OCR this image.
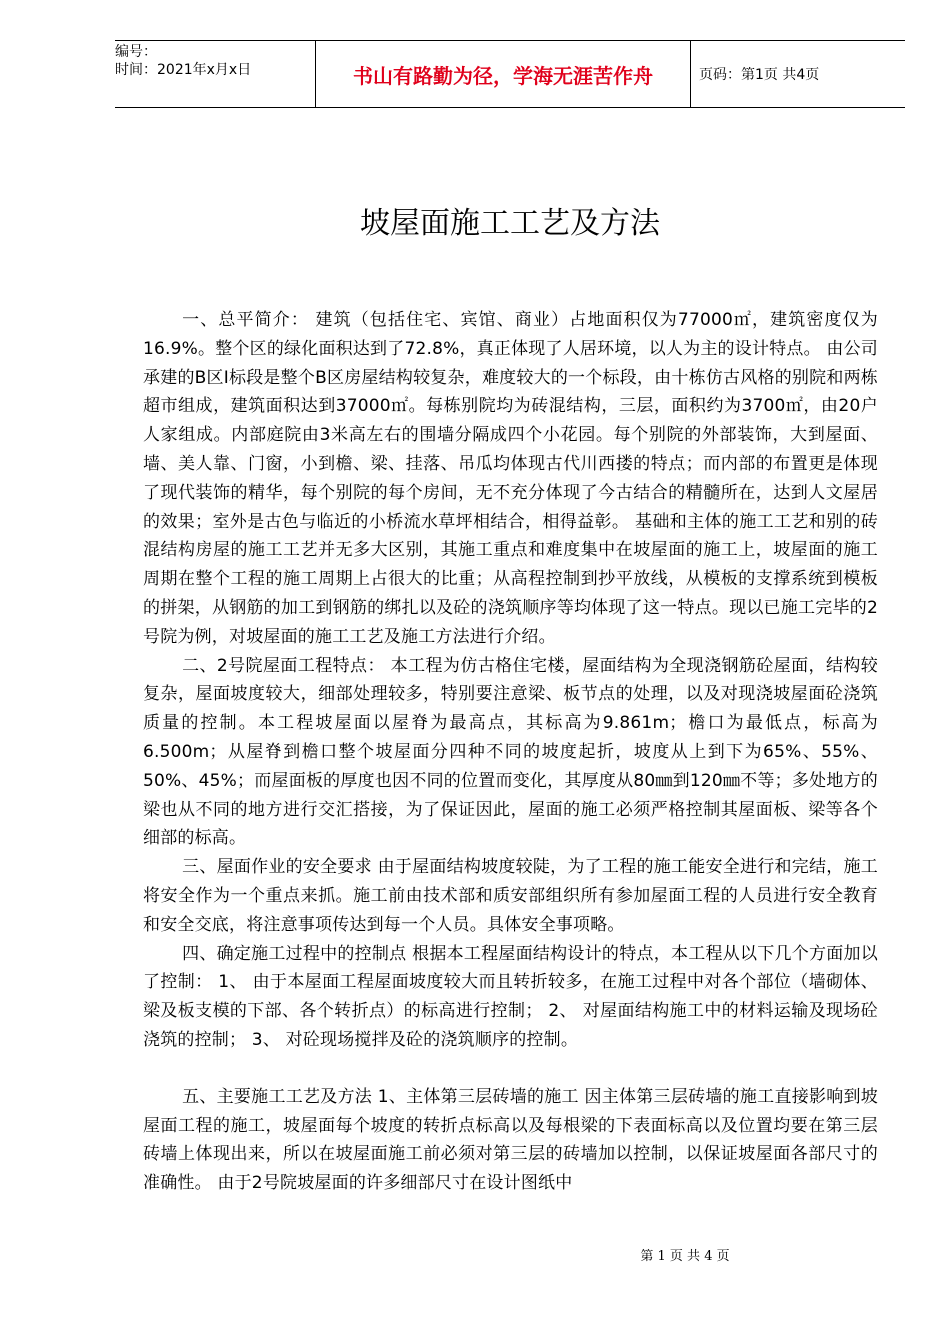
编号：
时间：2021年x月x日	书山有路勤为径，学海无涯苦作舟	页码：第1页 共4页
坡屋面施工工艺及方法

一、总平简介： 建筑（包括住宅、宾馆、商业）占地面积仅为77000㎡，建筑密度仅为16.9%。整个区的绿化面积达到了72.8%，真正体现了人居环境，以人为主的设计特点。 由公司承建的B区Ⅰ标段是整个B区房屋结构较复杂，难度较大的一个标段，由十栋仿古风格的别院和两栋超市组成，建筑面积达到37000㎡。每栋别院均为砖混结构，三层，面积约为3700㎡，由20户人家组成。内部庭院由3米高左右的围墙分隔成四个小花园。每个别院的外部装饰，大到屋面、墙、美人靠、门窗，小到檐、梁、挂落、吊瓜均体现古代川西搂的特点；而内部的布置更是体现了现代装饰的精华，每个别院的每个房间，无不充分体现了今古结合的精髓所在，达到人文屋居的效果；室外是古色与临近的小桥流水草坪相结合，相得益彰。 基础和主体的施工工艺和别的砖混结构房屋的施工工艺并无多大区别，其施工重点和难度集中在坡屋面的施工上，坡屋面的施工周期在整个工程的施工周期上占很大的比重；从高程控制到抄平放线，从模板的支撑系统到模板的拼架，从钢筋的加工到钢筋的绑扎以及砼的浇筑顺序等均体现了这一特点。现以已施工完毕的2号院为例，对坡屋面的施工工艺及施工方法进行介绍。

二、2号院屋面工程特点： 本工程为仿古格住宅楼，屋面结构为全现浇钢筋砼屋面，结构较复杂，屋面坡度较大，细部处理较多，特别要注意梁、板节点的处理，以及对现浇坡屋面砼浇筑质量的控制。本工程坡屋面以屋脊为最高点，其标高为9.861m；檐口为最低点，标高为6.500m；从屋脊到檐口整个坡屋面分四种不同的坡度起折，坡度从上到下为65%、55%、50%、45%；而屋面板的厚度也因不同的位置而变化，其厚度从80㎜到120㎜不等；多处地方的梁也从不同的地方进行交汇搭接，为了保证因此，屋面的施工必须严格控制其屋面板、梁等各个细部的标高。

三、屋面作业的安全要求 由于屋面结构坡度较陡，为了工程的施工能安全进行和完结，施工将安全作为一个重点来抓。施工前由技术部和质安部组织所有参加屋面工程的人员进行安全教育和安全交底，将注意事项传达到每一个人员。具体安全事项略。

四、确定施工过程中的控制点 根据本工程屋面结构设计的特点，本工程从以下几个方面加以了控制： 1、 由于本屋面工程屋面坡度较大而且转折较多，在施工过程中对各个部位（墙砌体、梁及板支模的下部、各个转折点）的标高进行控制； 2、 对屋面结构施工中的材料运输及现场砼浇筑的控制； 3、 对砼现场搅拌及砼的浇筑顺序的控制。

五、主要施工工艺及方法 1、主体第三层砖墙的施工 因主体第三层砖墙的施工直接影响到坡屋面工程的施工，坡屋面每个坡度的转折点标高以及每根梁的下表面标高以及位置均要在第三层砖墙上体现出来，所以在坡屋面施工前必须对第三层的砖墙加以控制，以保证坡屋面各部尺寸的准确性。 由于2号院坡屋面的许多细部尺寸在设计图纸中

第 1 页 共 4 页
